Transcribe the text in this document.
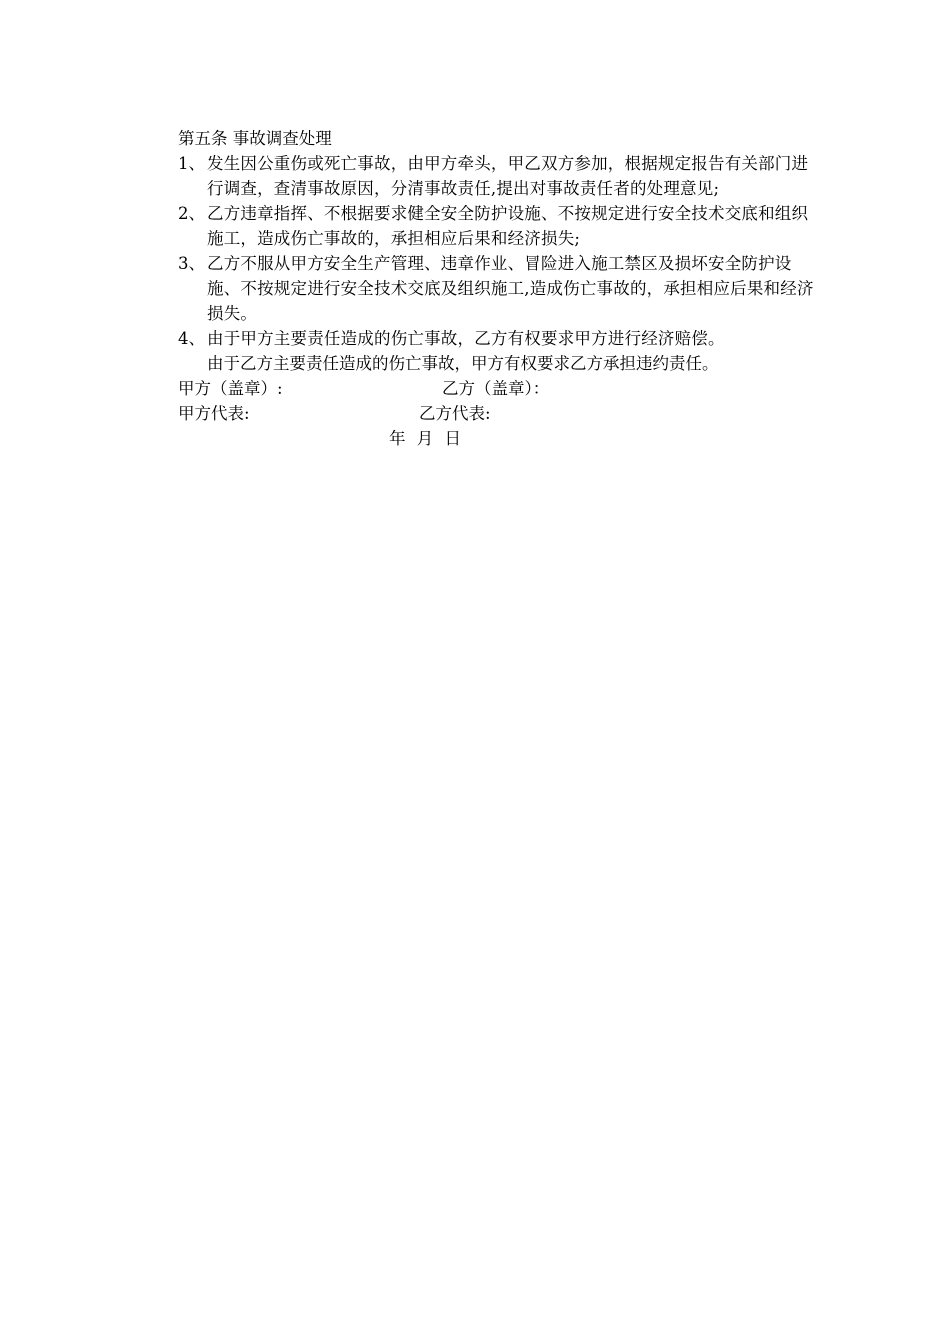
第五条 事故调查处理

1、 发生因公重伤或死亡事故，由甲方牵头，甲乙双方参加，根据规定报告有关部门进行调查，查清事故原因，分清事故责任,提出对事故责任者的处理意见;
2、 乙方违章指挥、不根据要求健全安全防护设施、不按规定进行安全技术交底和组织施工，造成伤亡事故的，承担相应后果和经济损失;
3、 乙方不服从甲方安全生产管理、违章作业、冒险进入施工禁区及损坏安全防护设施、不按规定进行安全技术交底及组织施工,造成伤亡事故的，承担相应后果和经济损失。
4、 由于甲方主要责任造成的伤亡事故，乙方有权要求甲方进行经济赔偿。
由于乙方主要责任造成的伤亡事故，甲方有权要求乙方承担违约责任。
甲方（盖章）:	乙方（盖章）：
甲方代表:	乙方代表:
年 月 日
